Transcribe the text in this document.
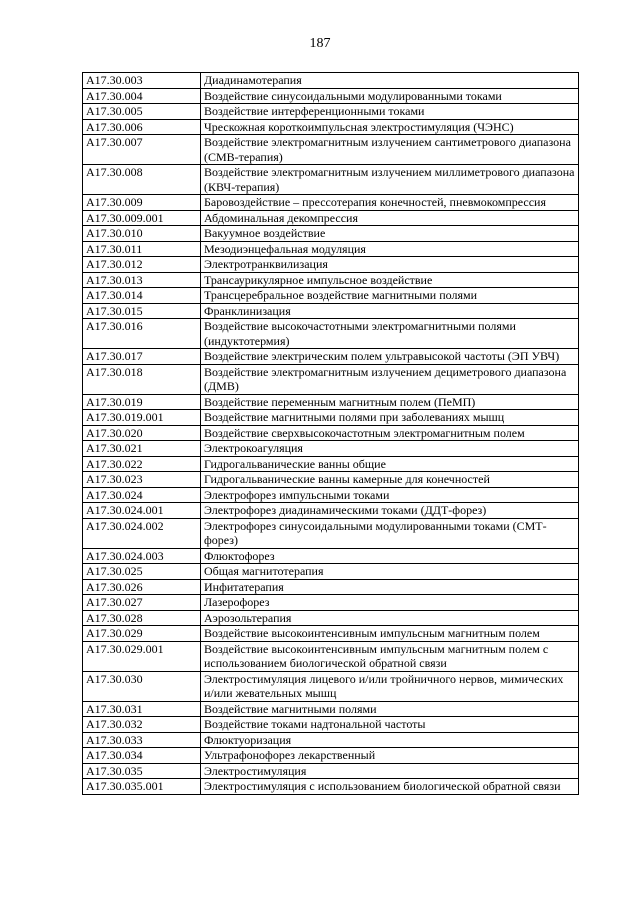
187
A17.30.003	Диадинамотерапия
A17.30.004	Воздействие синусоидальными модулированными токами
A17.30.005	Воздействие интерференционными токами
A17.30.006	Чрескожная короткоимпульсная электростимуляция (ЧЭНС)
A17.30.007	Воздействие электромагнитным излучением сантиметрового диапазона (СМВ-терапия)
A17.30.008	Воздействие электромагнитным излучением миллиметрового диапазона (КВЧ-терапия)
A17.30.009	Баровоздействие – прессотерапия конечностей, пневмокомпрессия
A17.30.009.001	Абдоминальная декомпрессия
A17.30.010	Вакуумное воздействие
A17.30.011	Мезодиэнцефальная модуляция
A17.30.012	Электротранквилизация
A17.30.013	Трансаурикулярное импульсное воздействие
A17.30.014	Трансцеребральное воздействие магнитными полями
A17.30.015	Франклинизация
A17.30.016	Воздействие высокочастотными электромагнитными полями (индуктотермия)
A17.30.017	Воздействие электрическим полем ультравысокой частоты (ЭП УВЧ)
A17.30.018	Воздействие электромагнитным излучением дециметрового диапазона (ДМВ)
A17.30.019	Воздействие переменным магнитным полем (ПеМП)
A17.30.019.001	Воздействие магнитными полями при заболеваниях мышц
A17.30.020	Воздействие сверхвысокочастотным электромагнитным полем
A17.30.021	Электрокоагуляция
A17.30.022	Гидрогальванические ванны общие
A17.30.023	Гидрогальванические ванны камерные для конечностей
A17.30.024	Электрофорез импульсными токами
A17.30.024.001	Электрофорез диадинамическими токами (ДДТ-форез)
A17.30.024.002	Электрофорез синусоидальными модулированными токами (СМТ-форез)
A17.30.024.003	Флюктофорез
A17.30.025	Общая магнитотерапия
A17.30.026	Инфитатерапия
A17.30.027	Лазерофорез
A17.30.028	Аэрозольтерапия
A17.30.029	Воздействие высокоинтенсивным импульсным магнитным полем
A17.30.029.001	Воздействие высокоинтенсивным импульсным магнитным полем с использованием биологической обратной связи
A17.30.030	Электростимуляция лицевого и/или тройничного нервов, мимических и/или жевательных мышц
A17.30.031	Воздействие магнитными полями
A17.30.032	Воздействие токами надтональной частоты
A17.30.033	Флюктуоризация
A17.30.034	Ультрафонофорез лекарственный
A17.30.035	Электростимуляция
A17.30.035.001	Электростимуляция с использованием биологической обратной связи
